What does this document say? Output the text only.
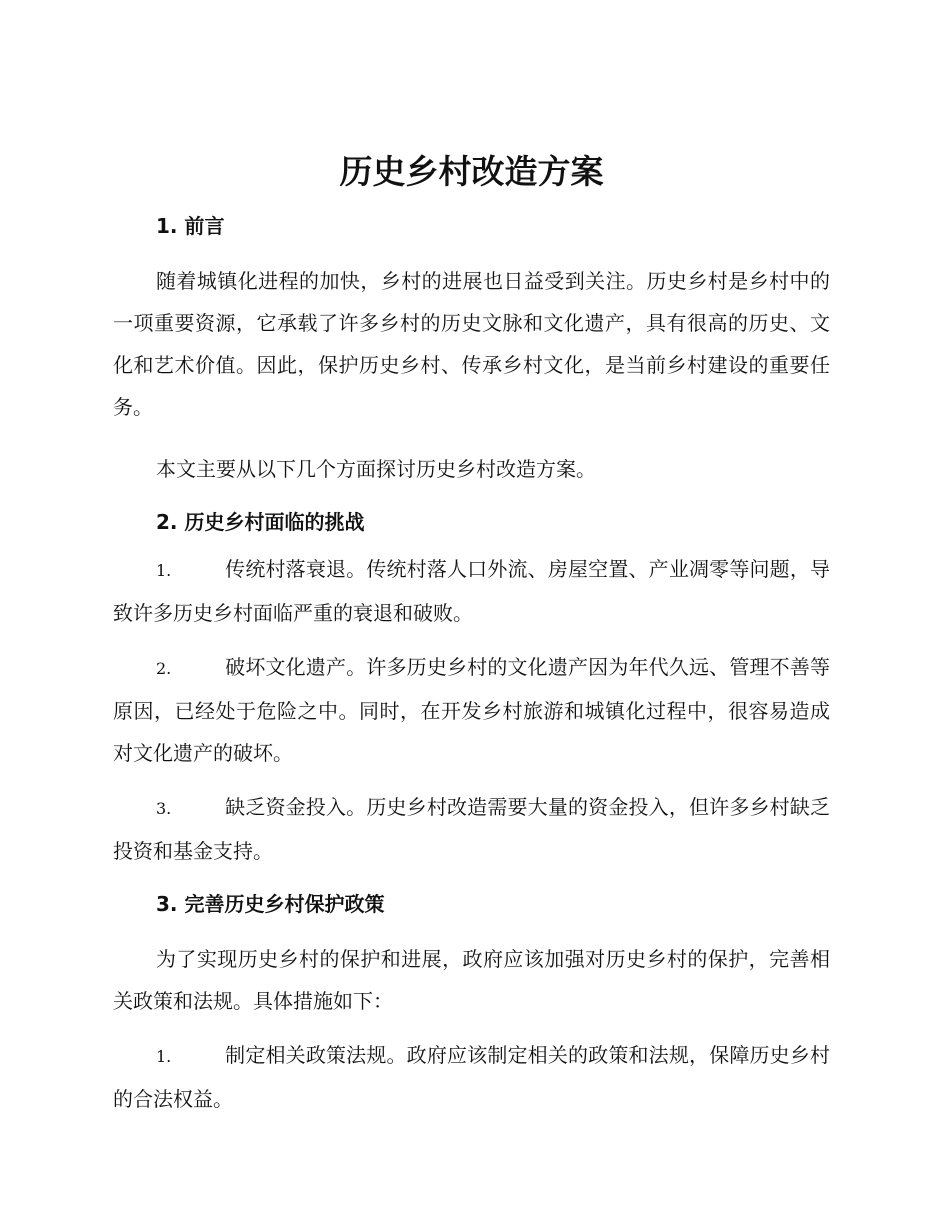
历史乡村改造方案
1. 前言

随着城镇化进程的加快，乡村的进展也日益受到关注。历史乡村是乡村中的一项重要资源，它承载了许多乡村的历史文脉和文化遗产，具有很高的历史、文化和艺术价值。因此，保护历史乡村、传承乡村文化，是当前乡村建设的重要任务。

本文主要从以下几个方面探讨历史乡村改造方案。

2. 历史乡村面临的挑战

1.	传统村落衰退。传统村落人口外流、房屋空置、产业凋零等问题，导致许多历史乡村面临严重的衰退和破败。

2.	破坏文化遗产。许多历史乡村的文化遗产因为年代久远、管理不善等原因，已经处于危险之中。同时，在开发乡村旅游和城镇化过程中，很容易造成对文化遗产的破坏。

3.	缺乏资金投入。历史乡村改造需要大量的资金投入，但许多乡村缺乏投资和基金支持。

3. 完善历史乡村保护政策

为了实现历史乡村的保护和进展，政府应该加强对历史乡村的保护，完善相关政策和法规。具体措施如下：

1.	制定相关政策法规。政府应该制定相关的政策和法规，保障历史乡村的合法权益。
